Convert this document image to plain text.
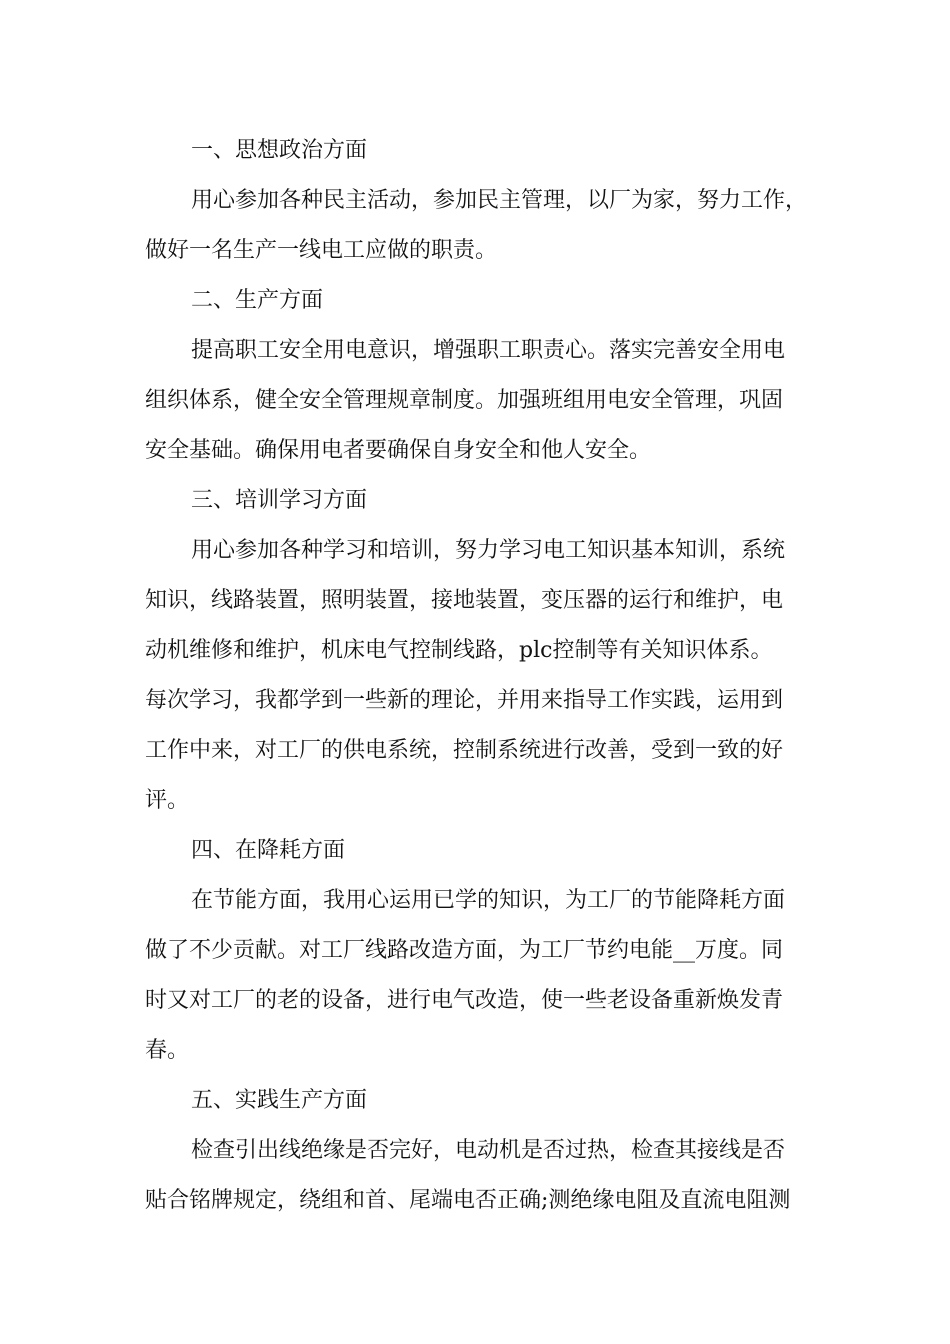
一、思想政治方面
用心参加各种民主活动，参加民主管理，以厂为家，努力工作，
做好一名生产一线电工应做的职责。
二、生产方面
提高职工安全用电意识，增强职工职责心。落实完善安全用电
组织体系，健全安全管理规章制度。加强班组用电安全管理，巩固
安全基础。确保用电者要确保自身安全和他人安全。
三、培训学习方面
用心参加各种学习和培训，努力学习电工知识基本知训，系统
知识，线路装置，照明装置，接地装置，变压器的运行和维护，电
动机维修和维护，机床电气控制线路，plc控制等有关知识体系。
每次学习，我都学到一些新的理论，并用来指导工作实践，运用到
工作中来，对工厂的供电系统，控制系统进行改善，受到一致的好
评。
四、在降耗方面
在节能方面，我用心运用已学的知识，为工厂的节能降耗方面
做了不少贡献。对工厂线路改造方面，为工厂节约电能__万度。同
时又对工厂的老的设备，进行电气改造，使一些老设备重新焕发青
春。
五、实践生产方面
检查引出线绝缘是否完好，电动机是否过热，检查其接线是否
贴合铭牌规定，绕组和首、尾端电否正确;测绝缘电阻及直流电阻测
